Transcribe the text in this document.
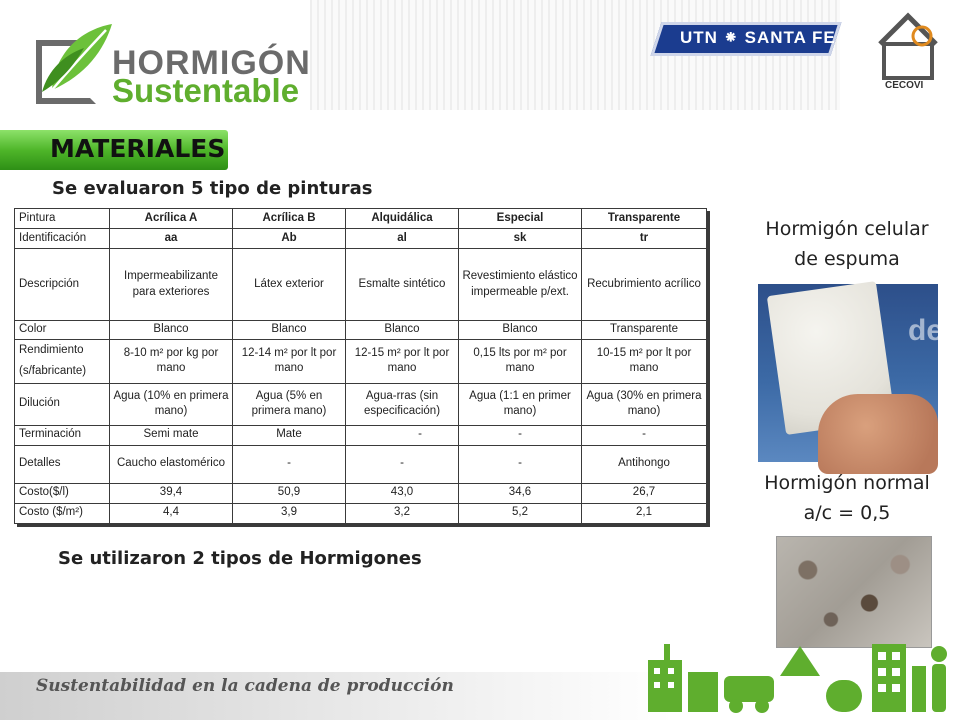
HORMIGÓN
Sustentable
UTN ⁕ SANTA FE
CECOVI
MATERIALES
Se evaluaron 5 tipo de pinturas
Pintura	Acrílica A	Acrílica B	Alquidálica	Especial	Transparente
Identificación	aa	Ab	al	sk	tr
Descripción	Impermeabilizante para exteriores	Látex exterior	Esmalte sintético	Revestimiento elástico impermeable p/ext.	Recubrimiento acrílico
Color	Blanco	Blanco	Blanco	Blanco	Transparente

Rendimiento
(s/fabricante)	8-10 m² por kg por mano	12-14 m² por lt por mano	12-15 m² por lt por mano	0,15 lts por m² por mano	10-15 m² por lt por mano
Dilución	Agua (10% en primera mano)	Agua (5% en primera mano)	Agua-rras (sin especificación)	Agua (1:1 en primer mano)	Agua (30% en primera mano)
Terminación	Semi mate	Mate	-	-	-
Detalles	Caucho elastomérico	-	-	-	Antihongo
Costo($/l)	39,4	50,9	43,0	34,6	26,7
Costo ($/m²)	4,4	3,9	3,2	5,2	2,1
Se utilizaron 2 tipos de Hormigones
Hormigón celular
de espuma
de
Hormigón normal
a/c = 0,5
Sustentabilidad en la cadena de producción
